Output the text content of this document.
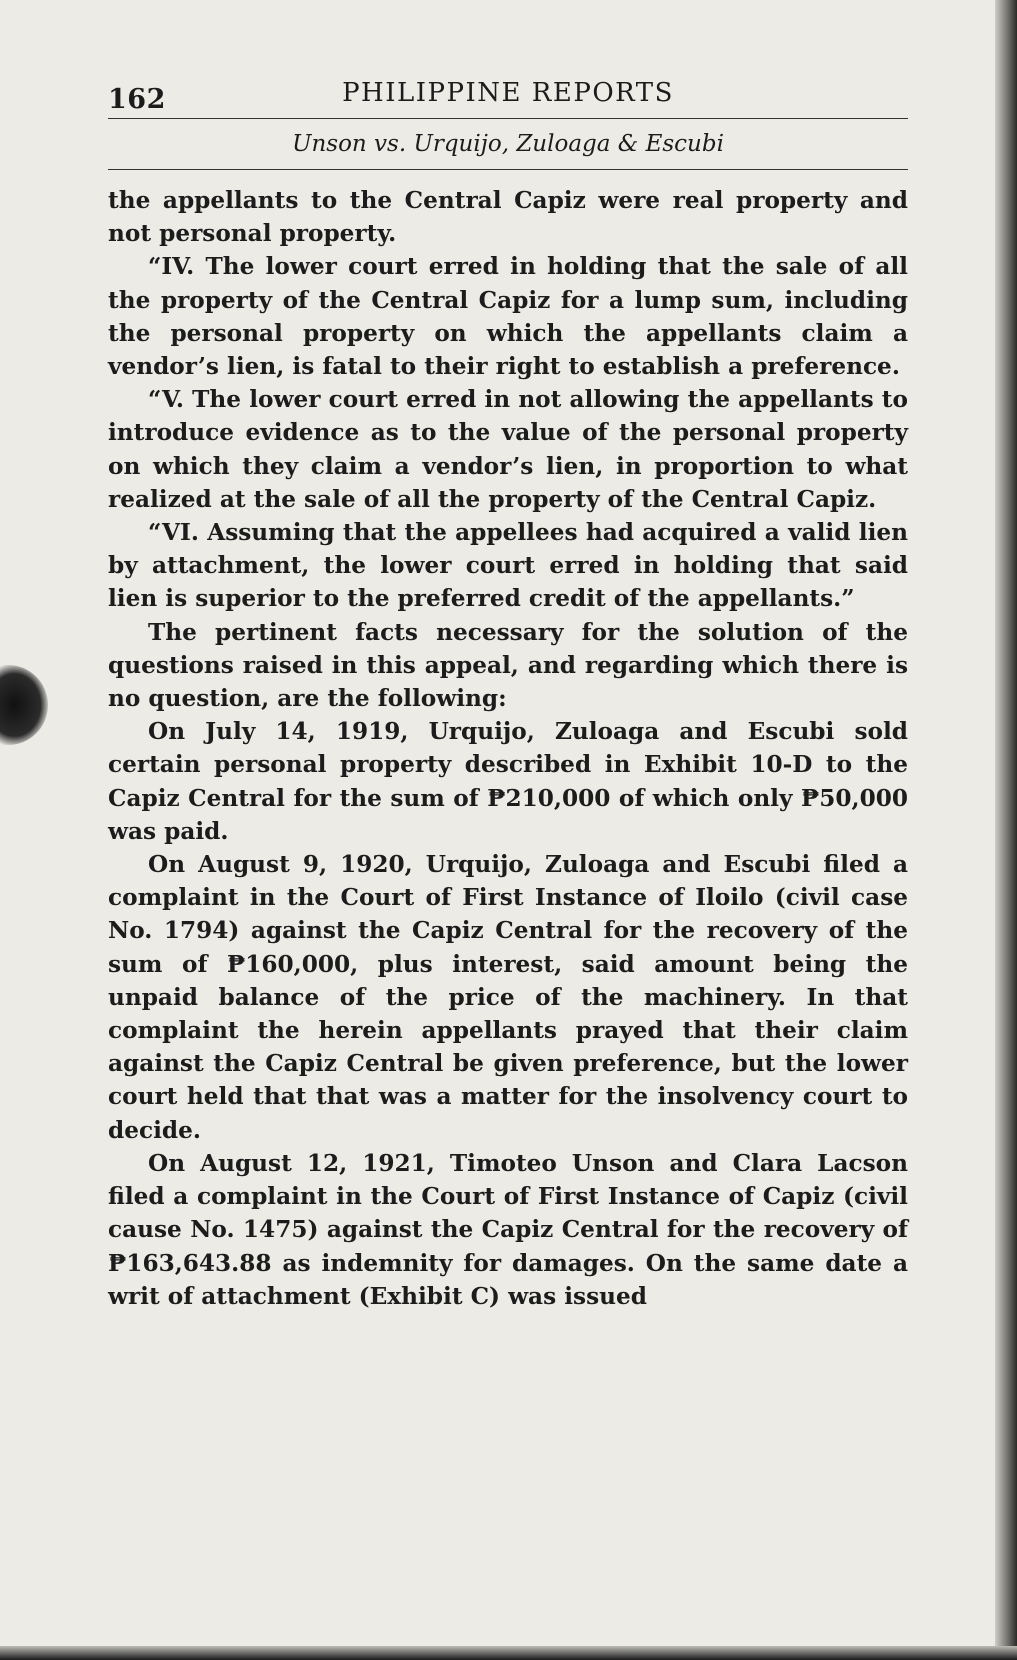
162	PHILIPPINE REPORTS
Unson vs. Urquijo, Zuloaga & Escubi

the appellants to the Central Capiz were real property and not personal property.

“IV. The lower court erred in holding that the sale of all the property of the Central Capiz for a lump sum, including the personal property on which the appellants claim a vendor’s lien, is fatal to their right to establish a preference.

“V. The lower court erred in not allowing the appellants to introduce evidence as to the value of the personal property on which they claim a vendor’s lien, in proportion to what realized at the sale of all the property of the Central Capiz.

“VI. Assuming that the appellees had acquired a valid lien by attachment, the lower court erred in holding that said lien is superior to the preferred credit of the appellants.”

The pertinent facts necessary for the solution of the questions raised in this appeal, and regarding which there is no question, are the following:

On July 14, 1919, Urquijo, Zuloaga and Escubi sold certain personal property described in Exhibit 10-D to the Capiz Central for the sum of ₱210,000 of which only ₱50,000 was paid.

On August 9, 1920, Urquijo, Zuloaga and Escubi filed a complaint in the Court of First Instance of Iloilo (civil case No. 1794) against the Capiz Central for the recovery of the sum of ₱160,000, plus interest, said amount being the unpaid balance of the price of the machinery. In that complaint the herein appellants prayed that their claim against the Capiz Central be given preference, but the lower court held that that was a matter for the insolvency court to decide.

On August 12, 1921, Timoteo Unson and Clara Lacson filed a complaint in the Court of First Instance of Capiz (civil cause No. 1475) against the Capiz Central for the recovery of ₱163,643.88 as indemnity for damages. On the same date a writ of attachment (Exhibit C) was issued
